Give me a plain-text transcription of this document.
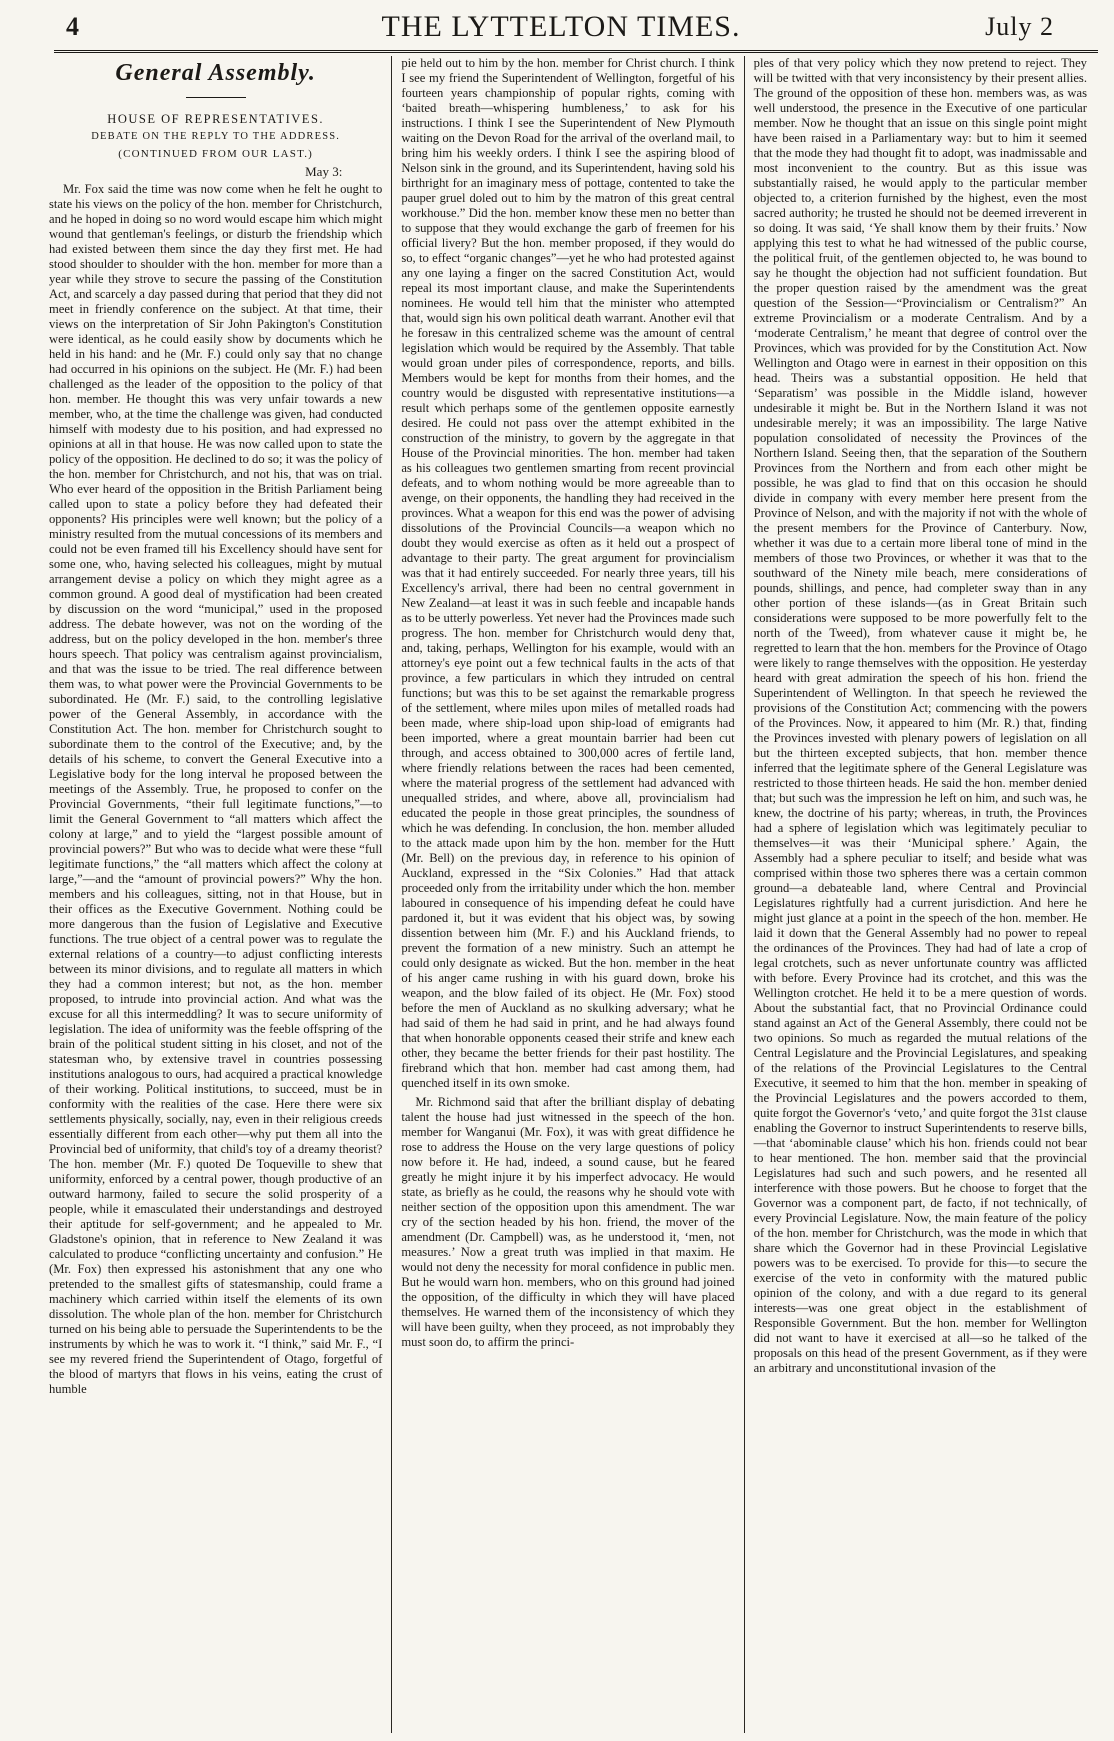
4	THE LYTTELTON TIMES.	July 2
General Assembly.
HOUSE OF REPRESENTATIVES.
DEBATE ON THE REPLY TO THE ADDRESS.
(CONTINUED FROM OUR LAST.)
May 3:

Mr. Fox said the time was now come when he felt he ought to state his views on the policy of the hon. member for Christchurch, and he hoped in doing so no word would escape him which might wound that gentleman's feelings, or disturb the friendship which had existed between them since the day they first met. He had stood shoulder to shoulder with the hon. member for more than a year while they strove to secure the passing of the Constitution Act, and scarcely a day passed during that period that they did not meet in friendly conference on the subject. At that time, their views on the interpretation of Sir John Pakington's Constitution were identical, as he could easily show by documents which he held in his hand: and he (Mr. F.) could only say that no change had occurred in his opinions on the subject. He (Mr. F.) had been challenged as the leader of the opposition to the policy of that hon. member. He thought this was very unfair towards a new member, who, at the time the challenge was given, had conducted himself with modesty due to his position, and had expressed no opinions at all in that house. He was now called upon to state the policy of the opposition. He declined to do so; it was the policy of the hon. member for Christchurch, and not his, that was on trial. Who ever heard of the opposition in the British Parliament being called upon to state a policy before they had defeated their opponents? His principles were well known; but the policy of a ministry resulted from the mutual concessions of its members and could not be even framed till his Excellency should have sent for some one, who, having selected his colleagues, might by mutual arrangement devise a policy on which they might agree as a common ground. A good deal of mystification had been created by discussion on the word “municipal,” used in the proposed address. The debate however, was not on the wording of the address, but on the policy developed in the hon. member's three hours speech. That policy was centralism against provincialism, and that was the issue to be tried. The real difference between them was, to what power were the Provincial Governments to be subordinated. He (Mr. F.) said, to the controlling legislative power of the General Assembly, in accordance with the Constitution Act. The hon. member for Christchurch sought to subordinate them to the control of the Executive; and, by the details of his scheme, to convert the General Executive into a Legislative body for the long interval he proposed between the meetings of the Assembly. True, he proposed to confer on the Provincial Governments, “their full legitimate functions,”—to limit the General Government to “all matters which affect the colony at large,” and to yield the “largest possible amount of provincial powers?” But who was to decide what were these “full legitimate functions,” the “all matters which affect the colony at large,”—and the “amount of provincial powers?” Why the hon. members and his colleagues, sitting, not in that House, but in their offices as the Executive Government. Nothing could be more dangerous than the fusion of Legislative and Executive functions. The true object of a central power was to regulate the external relations of a country—to adjust conflicting interests between its minor divisions, and to regulate all matters in which they had a common interest; but not, as the hon. member proposed, to intrude into provincial action. And what was the excuse for all this intermeddling? It was to secure uniformity of legislation. The idea of uniformity was the feeble offspring of the brain of the political student sitting in his closet, and not of the statesman who, by extensive travel in countries possessing institutions analogous to ours, had acquired a practical knowledge of their working. Political institutions, to succeed, must be in conformity with the realities of the case. Here there were six settlements physically, socially, nay, even in their religious creeds essentially different from each other—why put them all into the Provincial bed of uniformity, that child's toy of a dreamy theorist? The hon. member (Mr. F.) quoted De Toqueville to shew that uniformity, enforced by a central power, though productive of an outward harmony, failed to secure the solid prosperity of a people, while it emasculated their understandings and destroyed their aptitude for self-government; and he appealed to Mr. Gladstone's opinion, that in reference to New Zealand it was calculated to produce “conflicting uncertainty and confusion.” He (Mr. Fox) then expressed his astonishment that any one who pretended to the smallest gifts of statesmanship, could frame a machinery which carried within itself the elements of its own dissolution. The whole plan of the hon. member for Christchurch turned on his being able to persuade the Superintendents to be the instruments by which he was to work it. “I think,” said Mr. F., “I see my revered friend the Superintendent of Otago, forgetful of the blood of martyrs that flows in his veins, eating the crust of humble

pie held out to him by the hon. member for Christ church. I think I see my friend the Superintendent of Wellington, forgetful of his fourteen years championship of popular rights, coming with ‘baited breath—whispering humbleness,’ to ask for his instructions. I think I see the Superintendent of New Plymouth waiting on the Devon Road for the arrival of the overland mail, to bring him his weekly orders. I think I see the aspiring blood of Nelson sink in the ground, and its Superintendent, having sold his birthright for an imaginary mess of pottage, contented to take the pauper gruel doled out to him by the matron of this great central workhouse.” Did the hon. member know these men no better than to suppose that they would exchange the garb of freemen for his official livery? But the hon. member proposed, if they would do so, to effect “organic changes”—yet he who had protested against any one laying a finger on the sacred Constitution Act, would repeal its most important clause, and make the Superintendents nominees. He would tell him that the minister who attempted that, would sign his own political death warrant. Another evil that he foresaw in this centralized scheme was the amount of central legislation which would be required by the Assembly. That table would groan under piles of correspondence, reports, and bills. Members would be kept for months from their homes, and the country would be disgusted with representative institutions—a result which perhaps some of the gentlemen opposite earnestly desired. He could not pass over the attempt exhibited in the construction of the ministry, to govern by the aggregate in that House of the Provincial minorities. The hon. member had taken as his colleagues two gentlemen smarting from recent provincial defeats, and to whom nothing would be more agreeable than to avenge, on their opponents, the handling they had received in the provinces. What a weapon for this end was the power of advising dissolutions of the Provincial Councils—a weapon which no doubt they would exercise as often as it held out a prospect of advantage to their party. The great argument for provincialism was that it had entirely succeeded. For nearly three years, till his Excellency's arrival, there had been no central government in New Zealand—at least it was in such feeble and incapable hands as to be utterly powerless. Yet never had the Provinces made such progress. The hon. member for Christchurch would deny that, and, taking, perhaps, Wellington for his example, would with an attorney's eye point out a few technical faults in the acts of that province, a few particulars in which they intruded on central functions; but was this to be set against the remarkable progress of the settlement, where miles upon miles of metalled roads had been made, where ship-load upon ship-load of emigrants had been imported, where a great mountain barrier had been cut through, and access obtained to 300,000 acres of fertile land, where friendly relations between the races had been cemented, where the material progress of the settlement had advanced with unequalled strides, and where, above all, provincialism had educated the people in those great principles, the soundness of which he was defending. In conclusion, the hon. member alluded to the attack made upon him by the hon. member for the Hutt (Mr. Bell) on the previous day, in reference to his opinion of Auckland, expressed in the “Six Colonies.” Had that attack proceeded only from the irritability under which the hon. member laboured in consequence of his impending defeat he could have pardoned it, but it was evident that his object was, by sowing dissention between him (Mr. F.) and his Auckland friends, to prevent the formation of a new ministry. Such an attempt he could only designate as wicked. But the hon. member in the heat of his anger came rushing in with his guard down, broke his weapon, and the blow failed of its object. He (Mr. Fox) stood before the men of Auckland as no skulking adversary; what he had said of them he had said in print, and he had always found that when honorable opponents ceased their strife and knew each other, they became the better friends for their past hostility. The firebrand which that hon. member had cast among them, had quenched itself in its own smoke.

Mr. Richmond said that after the brilliant display of debating talent the house had just witnessed in the speech of the hon. member for Wanganui (Mr. Fox), it was with great diffidence he rose to address the House on the very large questions of policy now before it. He had, indeed, a sound cause, but he feared greatly he might injure it by his imperfect advocacy. He would state, as briefly as he could, the reasons why he should vote with neither section of the opposition upon this amendment. The war cry of the section headed by his hon. friend, the mover of the amendment (Dr. Campbell) was, as he understood it, ‘men, not measures.’ Now a great truth was implied in that maxim. He would not deny the necessity for moral confidence in public men. But he would warn hon. members, who on this ground had joined the opposition, of the difficulty in which they will have placed themselves. He warned them of the inconsistency of which they will have been guilty, when they proceed, as not improbably they must soon do, to affirm the princi-

ples of that very policy which they now pretend to reject. They will be twitted with that very inconsistency by their present allies. The ground of the opposition of these hon. members was, as was well understood, the presence in the Executive of one particular member. Now he thought that an issue on this single point might have been raised in a Parliamentary way: but to him it seemed that the mode they had thought fit to adopt, was inadmissable and most inconvenient to the country. But as this issue was substantially raised, he would apply to the particular member objected to, a criterion furnished by the highest, even the most sacred authority; he trusted he should not be deemed irreverent in so doing. It was said, ‘Ye shall know them by their fruits.’ Now applying this test to what he had witnessed of the public course, the political fruit, of the gentlemen objected to, he was bound to say he thought the objection had not sufficient foundation. But the proper question raised by the amendment was the great question of the Session—“Provincialism or Centralism?” An extreme Provincialism or a moderate Centralism. And by a ‘moderate Centralism,’ he meant that degree of control over the Provinces, which was provided for by the Constitution Act. Now Wellington and Otago were in earnest in their opposition on this head. Theirs was a substantial opposition. He held that ‘Separatism’ was possible in the Middle island, however undesirable it might be. But in the Northern Island it was not undesirable merely; it was an impossibility. The large Native population consolidated of necessity the Provinces of the Northern Island. Seeing then, that the separation of the Southern Provinces from the Northern and from each other might be possible, he was glad to find that on this occasion he should divide in company with every member here present from the Province of Nelson, and with the majority if not with the whole of the present members for the Province of Canterbury. Now, whether it was due to a certain more liberal tone of mind in the members of those two Provinces, or whether it was that to the southward of the Ninety mile beach, mere considerations of pounds, shillings, and pence, had completer sway than in any other portion of these islands—(as in Great Britain such considerations were supposed to be more powerfully felt to the north of the Tweed), from whatever cause it might be, he regretted to learn that the hon. members for the Province of Otago were likely to range themselves with the opposition. He yesterday heard with great admiration the speech of his hon. friend the Superintendent of Wellington. In that speech he reviewed the provisions of the Constitution Act; commencing with the powers of the Provinces. Now, it appeared to him (Mr. R.) that, finding the Provinces invested with plenary powers of legislation on all but the thirteen excepted subjects, that hon. member thence inferred that the legitimate sphere of the General Legislature was restricted to those thirteen heads. He said the hon. member denied that; but such was the impression he left on him, and such was, he knew, the doctrine of his party; whereas, in truth, the Provinces had a sphere of legislation which was legitimately peculiar to themselves—it was their ‘Municipal sphere.’ Again, the Assembly had a sphere peculiar to itself; and beside what was comprised within those two spheres there was a certain common ground—a debateable land, where Central and Provincial Legislatures rightfully had a current jurisdiction. And here he might just glance at a point in the speech of the hon. member. He laid it down that the General Assembly had no power to repeal the ordinances of the Provinces. They had had of late a crop of legal crotchets, such as never unfortunate country was afflicted with before. Every Province had its crotchet, and this was the Wellington crotchet. He held it to be a mere question of words. About the substantial fact, that no Provincial Ordinance could stand against an Act of the General Assembly, there could not be two opinions. So much as regarded the mutual relations of the Central Legislature and the Provincial Legislatures, and speaking of the relations of the Provincial Legislatures to the Central Executive, it seemed to him that the hon. member in speaking of the Provincial Legislatures and the powers accorded to them, quite forgot the Governor's ‘veto,’ and quite forgot the 31st clause enabling the Governor to instruct Superintendents to reserve bills,—that ‘abominable clause’ which his hon. friends could not bear to hear mentioned. The hon. member said that the provincial Legislatures had such and such powers, and he resented all interference with those powers. But he choose to forget that the Governor was a component part, de facto, if not technically, of every Provincial Legislature. Now, the main feature of the policy of the hon. member for Christchurch, was the mode in which that share which the Governor had in these Provincial Legislative powers was to be exercised. To provide for this—to secure the exercise of the veto in conformity with the matured public opinion of the colony, and with a due regard to its general interests—was one great object in the establishment of Responsible Government. But the hon. member for Wellington did not want to have it exercised at all—so he talked of the proposals on this head of the present Government, as if they were an arbitrary and unconstitutional invasion of the
